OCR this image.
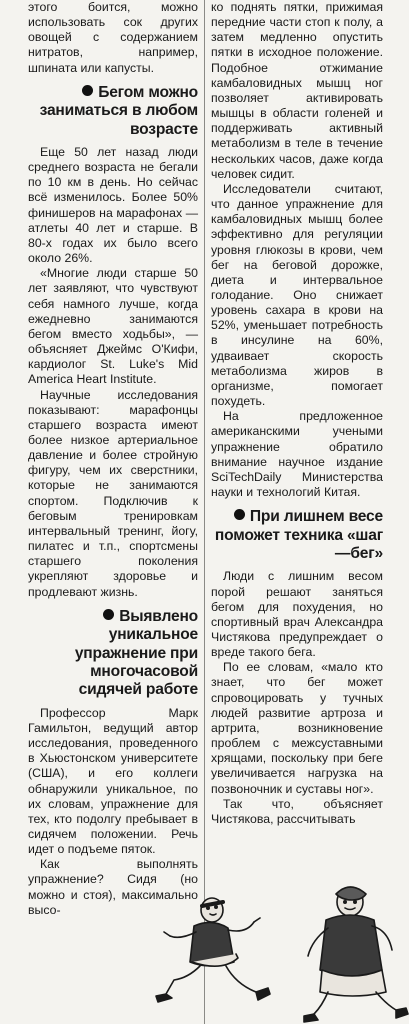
этого боится, можно использовать сок других овощей с содержанием нитратов, например, шпината или капусты.

Бегом можно заниматься в любом возрасте

Еще 50 лет назад люди среднего возраста не бегали по 10 км в день. Но сейчас всё изменилось. Более 50% финишеров на марафонах — атлеты 40 лет и старше. В 80-х годах их было всего около 26%.

«Многие люди старше 50 лет заявляют, что чувствуют себя намного лучше, когда ежедневно занимаются бегом вместо ходьбы», — объясняет Джеймс О'Кифи, кардиолог St. Luke's Mid America Heart Institute.

Научные исследования показывают: марафонцы старшего возраста имеют более низкое артериальное давление и более стройную фигуру, чем их сверстники, которые не занимаются спортом. Подключив к беговым тренировкам интервальный тренинг, йогу, пилатес и т.п., спортсмены старшего поколения укрепляют здоровье и продлевают жизнь.

Выявлено уникальное упражнение при многочасовой сидячей работе

Профессор Марк Гамильтон, ведущий автор исследования, проведенного в Хьюстонском университете (США), и его коллеги обнаружили уникальное, по их словам, упражнение для тех, кто подолгу пребывает в сидячем положении. Речь идет о подъеме пяток.

Как выполнять упражнение? Сидя (но можно и стоя), максимально высо-

ко поднять пятки, прижимая передние части стоп к полу, а затем медленно опустить пятки в исходное положение. Подобное отжимание камбаловидных мышц ног позволяет активировать мышцы в области голеней и поддерживать активный метаболизм в теле в течение нескольких часов, даже когда человек сидит.

Исследователи считают, что данное упражнение для камбаловидных мышц более эффективно для регуляции уровня глюкозы в крови, чем бег на беговой дорожке, диета и интервальное голодание. Оно снижает уровень сахара в крови на 52%, уменьшает потребность в инсулине на 60%, удваивает скорость метаболизма жиров в организме, помогает похудеть.

На предложенное американскими учеными упражнение обратило внимание научное издание SciTechDaily Министерства науки и технологий Китая.

При лишнем весе поможет техника «шаг—бег»

Люди с лишним весом порой решают заняться бегом для похудения, но спортивный врач Александра Чистякова предупреждает о вреде такого бега.

По ее словам, «мало кто знает, что бег может спровоцировать у тучных людей развитие артроза и артрита, возникновение проблем с межсуставными хрящами, поскольку при беге увеличивается нагрузка на позвоночник и суставы ног».

Так что, объясняет Чистякова, рассчитывать
